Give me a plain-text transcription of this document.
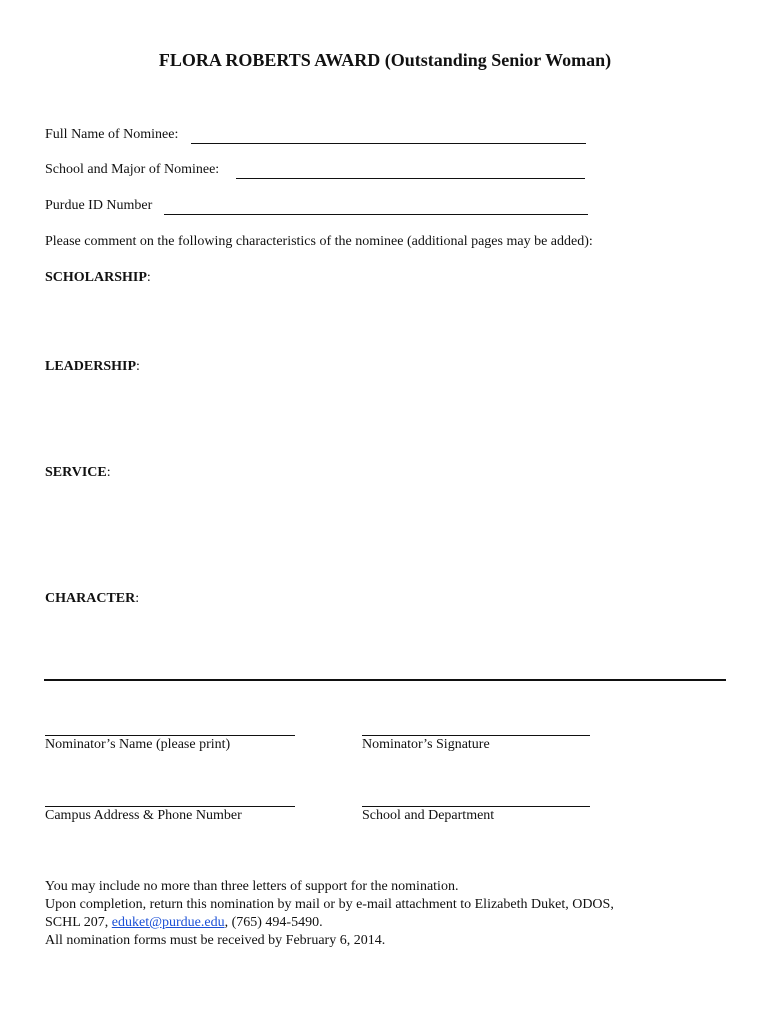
FLORA ROBERTS AWARD (Outstanding Senior Woman)
Full Name of Nominee:
School and Major of Nominee:
Purdue ID Number
Please comment on the following characteristics of the nominee (additional pages may be added):
SCHOLARSHIP:
LEADERSHIP:
SERVICE:
CHARACTER:
Nominator’s Name (please print)	Nominator’s Signature
Campus Address & Phone Number	School and Department

You may include no more than three letters of support for the nomination.

Upon completion, return this nomination by mail or by e-mail attachment to Elizabeth Duket, ODOS,

SCHL 207, eduket@purdue.edu, (765) 494-5490.

All nomination forms must be received by February 6, 2014.
